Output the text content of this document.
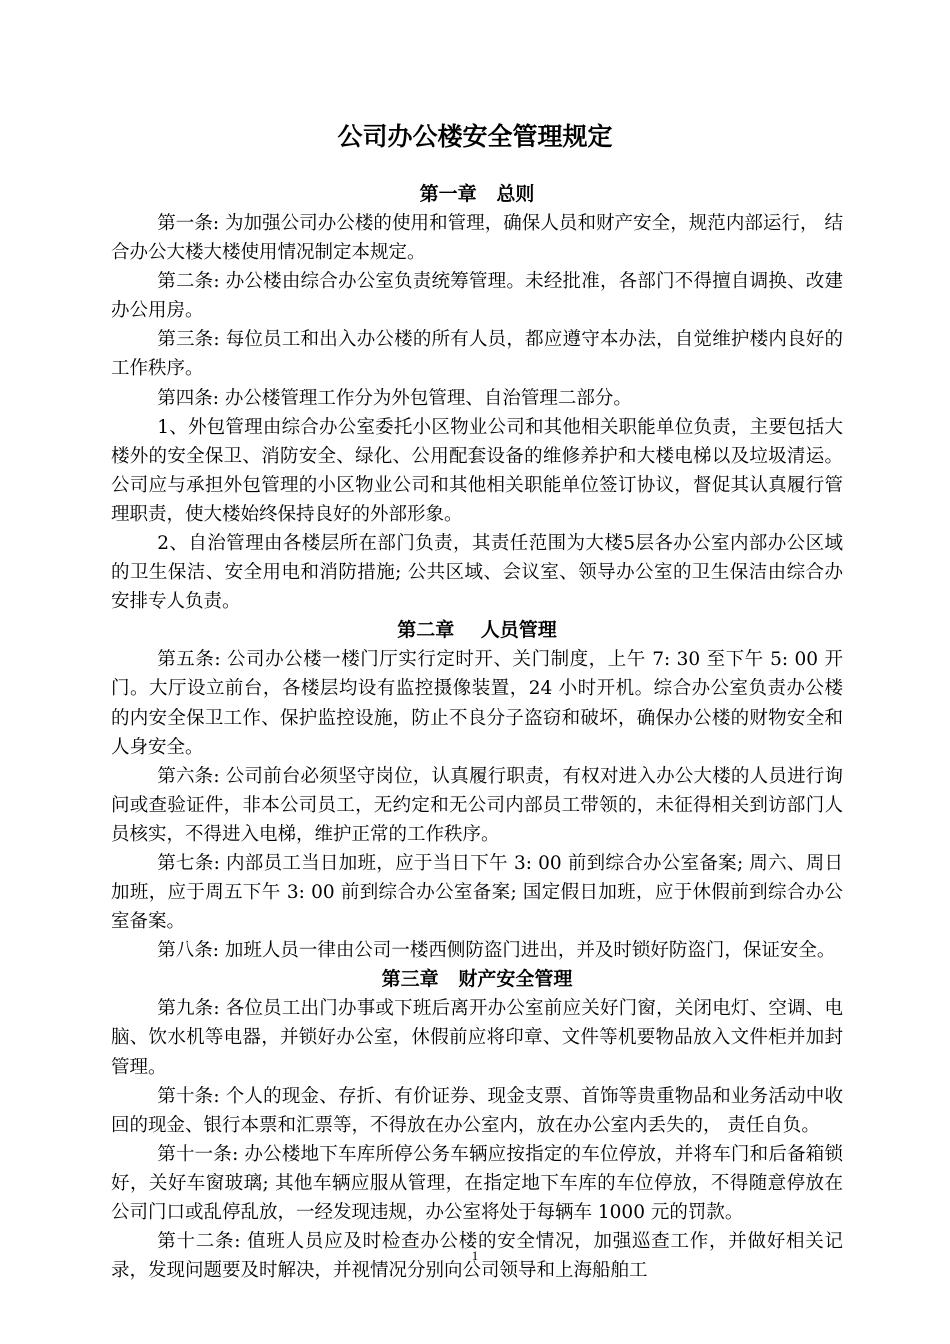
公司办公楼安全管理规定
第一章   总则

第一条: 为加强公司办公楼的使用和管理，确保人员和财产安全，规范内部运行， 结合办公大楼大楼使用情况制定本规定。

第二条: 办公楼由综合办公室负责统筹管理。未经批准，各部门不得擅自调换、改建办公用房。

第三条: 每位员工和出入办公楼的所有人员，都应遵守本办法，自觉维护楼内良好的工作秩序。

第四条: 办公楼管理工作分为外包管理、自治管理二部分。

1、外包管理由综合办公室委托小区物业公司和其他相关职能单位负责，主要包括大楼外的安全保卫、消防安全、绿化、公用配套设备的维修养护和大楼电梯以及垃圾清运。公司应与承担外包管理的小区物业公司和其他相关职能单位签订协议，督促其认真履行管理职责，使大楼始终保持良好的外部形象。

2、自治管理由各楼层所在部门负责，其责任范围为大楼5层各办公室内部办公区域的卫生保洁、安全用电和消防措施; 公共区域、会议室、领导办公室的卫生保洁由综合办安排专人负责。

第二章    人员管理

第五条: 公司办公楼一楼门厅实行定时开、关门制度，上午 7: 30 至下午 5: 00 开门。大厅设立前台，各楼层均设有监控摄像装置，24 小时开机。综合办公室负责办公楼的内安全保卫工作、保护监控设施，防止不良分子盗窃和破坏，确保办公楼的财物安全和人身安全。

第六条: 公司前台必须坚守岗位，认真履行职责，有权对进入办公大楼的人员进行询问或查验证件，非本公司员工，无约定和无公司内部员工带领的，未征得相关到访部门人员核实，不得进入电梯，维护正常的工作秩序。

第七条: 内部员工当日加班，应于当日下午 3: 00 前到综合办公室备案; 周六、周日加班，应于周五下午 3: 00 前到综合办公室备案; 国定假日加班，应于休假前到综合办公室备案。

第八条: 加班人员一律由公司一楼西侧防盗门进出，并及时锁好防盗门，保证安全。

第三章   财产安全管理

第九条: 各位员工出门办事或下班后离开办公室前应关好门窗，关闭电灯、空调、电脑、饮水机等电器，并锁好办公室，休假前应将印章、文件等机要物品放入文件柜并加封管理。

第十条: 个人的现金、存折、有价证券、现金支票、首饰等贵重物品和业务活动中收回的现金、银行本票和汇票等，不得放在办公室内，放在办公室内丢失的， 责任自负。

第十一条: 办公楼地下车库所停公务车辆应按指定的车位停放，并将车门和后备箱锁好，关好车窗玻璃; 其他车辆应服从管理，在指定地下车库的车位停放，不得随意停放在公司门口或乱停乱放，一经发现违规，办公室将处于每辆车 1000 元的罚款。

第十二条: 值班人员应及时检查办公楼的安全情况，加强巡查工作，并做好相关记录，发现问题要及时解决，并视情况分别向公司领导和上海船舶工

1
